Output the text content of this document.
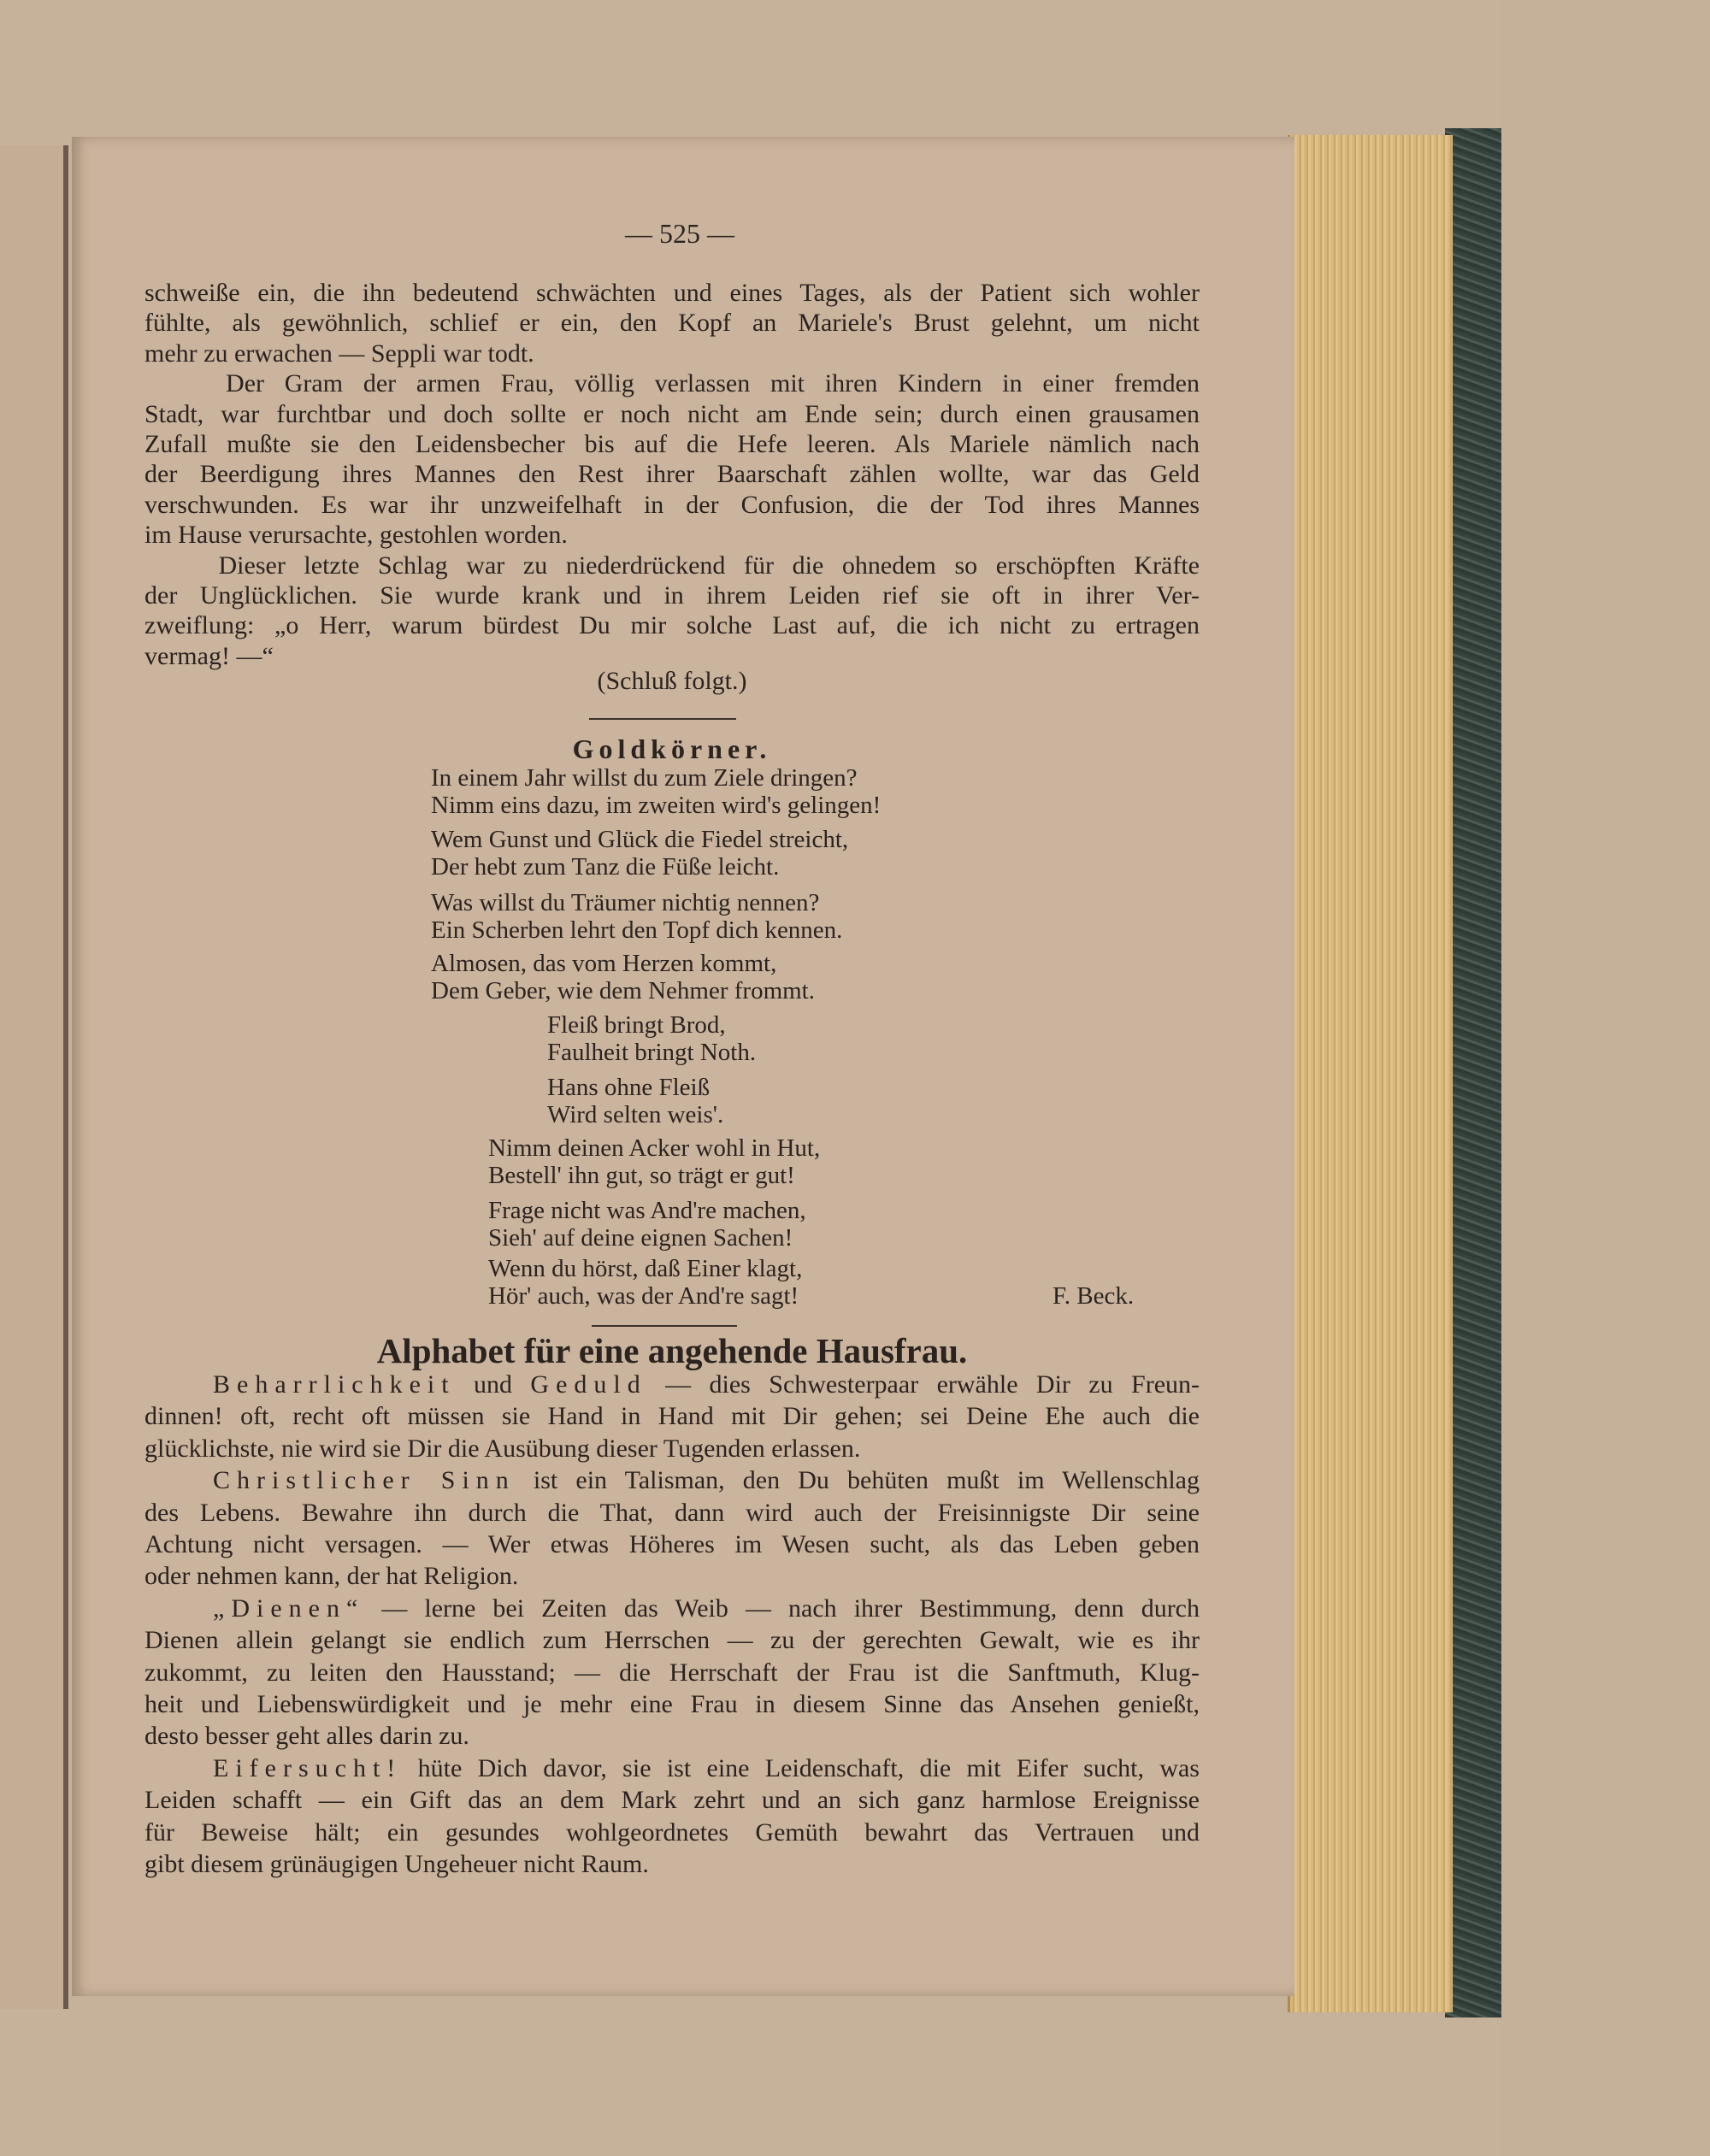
— 525 —
(Schluß folgt.)
Goldkörner.
F. Beck.
Alphabet für eine angehende Hausfrau.
schweiße ein, die ihn bedeutend schwächten und eines Tages, als der Patient sich wohler
fühlte, als gewöhnlich, schlief er ein, den Kopf an Mariele's Brust gelehnt, um nicht
mehr zu erwachen — Seppli war todt.
Der Gram der armen Frau, völlig verlassen mit ihren Kindern in einer fremden
Stadt, war furchtbar und doch sollte er noch nicht am Ende sein; durch einen grausamen
Zufall mußte sie den Leidensbecher bis auf die Hefe leeren. Als Mariele nämlich nach
der Beerdigung ihres Mannes den Rest ihrer Baarschaft zählen wollte, war das Geld
verschwunden. Es war ihr unzweifelhaft in der Confusion, die der Tod ihres Mannes
im Hause verursachte, gestohlen worden.
Dieser letzte Schlag war zu niederdrückend für die ohnedem so erschöpften Kräfte
der Unglücklichen. Sie wurde krank und in ihrem Leiden rief sie oft in ihrer Ver-
zweiflung: „o Herr, warum bürdest Du mir solche Last auf, die ich nicht zu ertragen
vermag! —“
In einem Jahr willst du zum Ziele dringen?
Nimm eins dazu, im zweiten wird's gelingen!
Wem Gunst und Glück die Fiedel streicht,
Der hebt zum Tanz die Füße leicht.
Was willst du Träumer nichtig nennen?
Ein Scherben lehrt den Topf dich kennen.
Almosen, das vom Herzen kommt,
Dem Geber, wie dem Nehmer frommt.
Fleiß bringt Brod,
Faulheit bringt Noth.
Hans ohne Fleiß
Wird selten weis'.
Nimm deinen Acker wohl in Hut,
Bestell' ihn gut, so trägt er gut!
Frage nicht was And're machen,
Sieh' auf deine eignen Sachen!
Wenn du hörst, daß Einer klagt,
Hör' auch, was der And're sagt!
Beharrlichkeit und Geduld — dies Schwesterpaar erwähle Dir zu Freun-
dinnen! oft, recht oft müssen sie Hand in Hand mit Dir gehen; sei Deine Ehe auch die
glücklichste, nie wird sie Dir die Ausübung dieser Tugenden erlassen.
Christlicher Sinn ist ein Talisman, den Du behüten mußt im Wellenschlag
des Lebens. Bewahre ihn durch die That, dann wird auch der Freisinnigste Dir seine
Achtung nicht versagen. — Wer etwas Höheres im Wesen sucht, als das Leben geben
oder nehmen kann, der hat Religion.
„Dienen“ — lerne bei Zeiten das Weib — nach ihrer Bestimmung, denn durch
Dienen allein gelangt sie endlich zum Herrschen — zu der gerechten Gewalt, wie es ihr
zukommt, zu leiten den Hausstand; — die Herrschaft der Frau ist die Sanftmuth, Klug-
heit und Liebenswürdigkeit und je mehr eine Frau in diesem Sinne das Ansehen genießt,
desto besser geht alles darin zu.
Eifersucht! hüte Dich davor, sie ist eine Leidenschaft, die mit Eifer sucht, was
Leiden schafft — ein Gift das an dem Mark zehrt und an sich ganz harmlose Ereignisse
für Beweise hält; ein gesundes wohlgeordnetes Gemüth bewahrt das Vertrauen und
gibt diesem grünäugigen Ungeheuer nicht Raum.
